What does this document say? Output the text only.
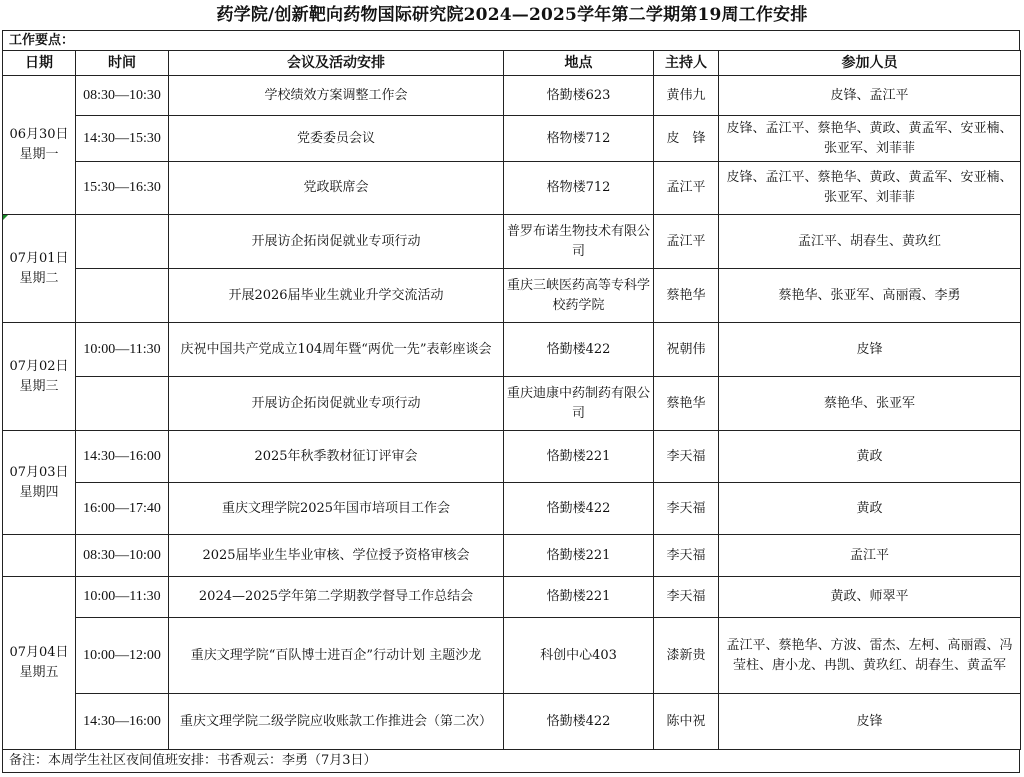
药学院/创新靶向药物国际研究院2024—2025学年第二学期第19周工作安排
工作要点：
日期	时间	会议及活动安排	地点	主持人	参加人员
06月30日 星期一	08:30—10:30	学校绩效方案调整工作会	恪勤楼623	黄伟九	皮锋、孟江平
	14:30—15:30	党委委员会议	格物楼712	皮　锋	皮锋、孟江平、蔡艳华、黄政、黄孟军、安亚楠、张亚军、刘菲菲
	15:30—16:30	党政联席会	格物楼712	孟江平	皮锋、孟江平、蔡艳华、黄政、黄孟军、安亚楠、张亚军、刘菲菲
07月01日 星期二		开展访企拓岗促就业专项行动	普罗布诺生物技术有限公司	孟江平	孟江平、胡春生、黄玖红
		开展2026届毕业生就业升学交流活动	重庆三峡医药高等专科学校药学院	蔡艳华	蔡艳华、张亚军、高丽霞、李勇
07月02日 星期三	10:00—11:30	庆祝中国共产党成立104周年暨“两优一先”表彰座谈会	恪勤楼422	祝朝伟	皮锋
		开展访企拓岗促就业专项行动	重庆迪康中药制药有限公司	蔡艳华	蔡艳华、张亚军
07月03日 星期四	14:30—16:00	2025年秋季教材征订评审会	恪勤楼221	李天福	黄政
	16:00—17:40	重庆文理学院2025年国市培项目工作会	恪勤楼422	李天福	黄政
	08:30—10:00	2025届毕业生毕业审核、学位授予资格审核会	恪勤楼221	李天福	孟江平
07月04日 星期五	10:00—11:30	2024—2025学年第二学期教学督导工作总结会	恪勤楼221	李天福	黄政、师翠平
	10:00—12:00	重庆文理学院“百队博士进百企”行动计划 主题沙龙	科创中心403	漆新贵	孟江平、蔡艳华、方波、雷杰、左柯、高丽霞、冯莹柱、唐小龙、冉凯、黄玖红、胡春生、黄孟军
	14:30—16:00	重庆文理学院二级学院应收账款工作推进会（第二次）	恪勤楼422	陈中祝	皮锋
备注：本周学生社区夜间值班安排：书香观云：李勇（7月3日）
